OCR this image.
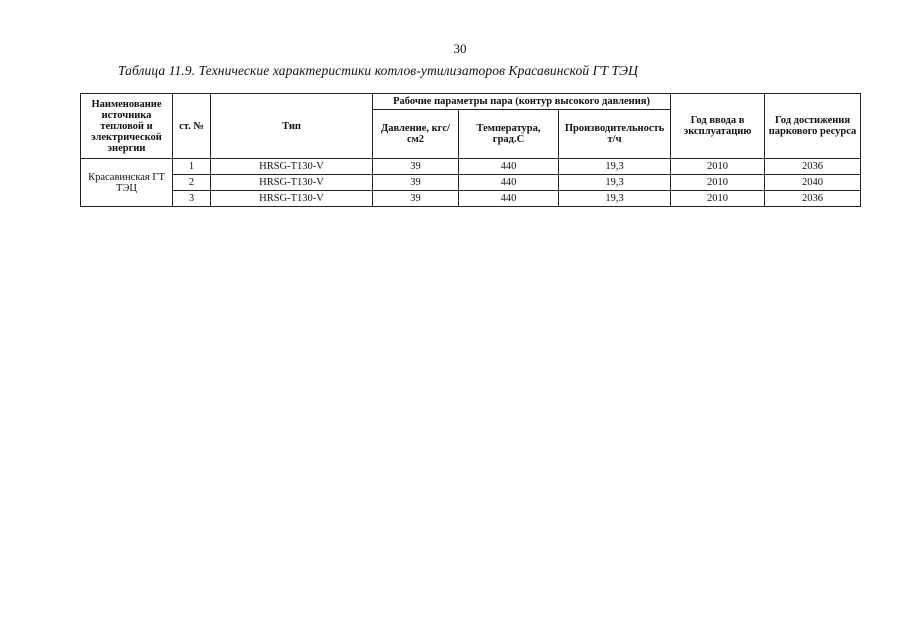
30
Таблица 11.9. Технические характеристики котлов-утилизаторов Красавинской ГТ ТЭЦ
Наименование источника тепловой и электрической энергии	ст. №	Тип	Рабочие параметры пара (контур высокого давления)			Год ввода в эксплуатацию	Год достижения паркового ресурса
			Давление, кгс/см2	Температура, град.С	Производительность т/ч		
Красавинская ГТ ТЭЦ	1	HRSG-T130-V	39	440	19,3	2010	2036
	2	HRSG-T130-V	39	440	19,3	2010	2040
	3	HRSG-T130-V	39	440	19,3	2010	2036
